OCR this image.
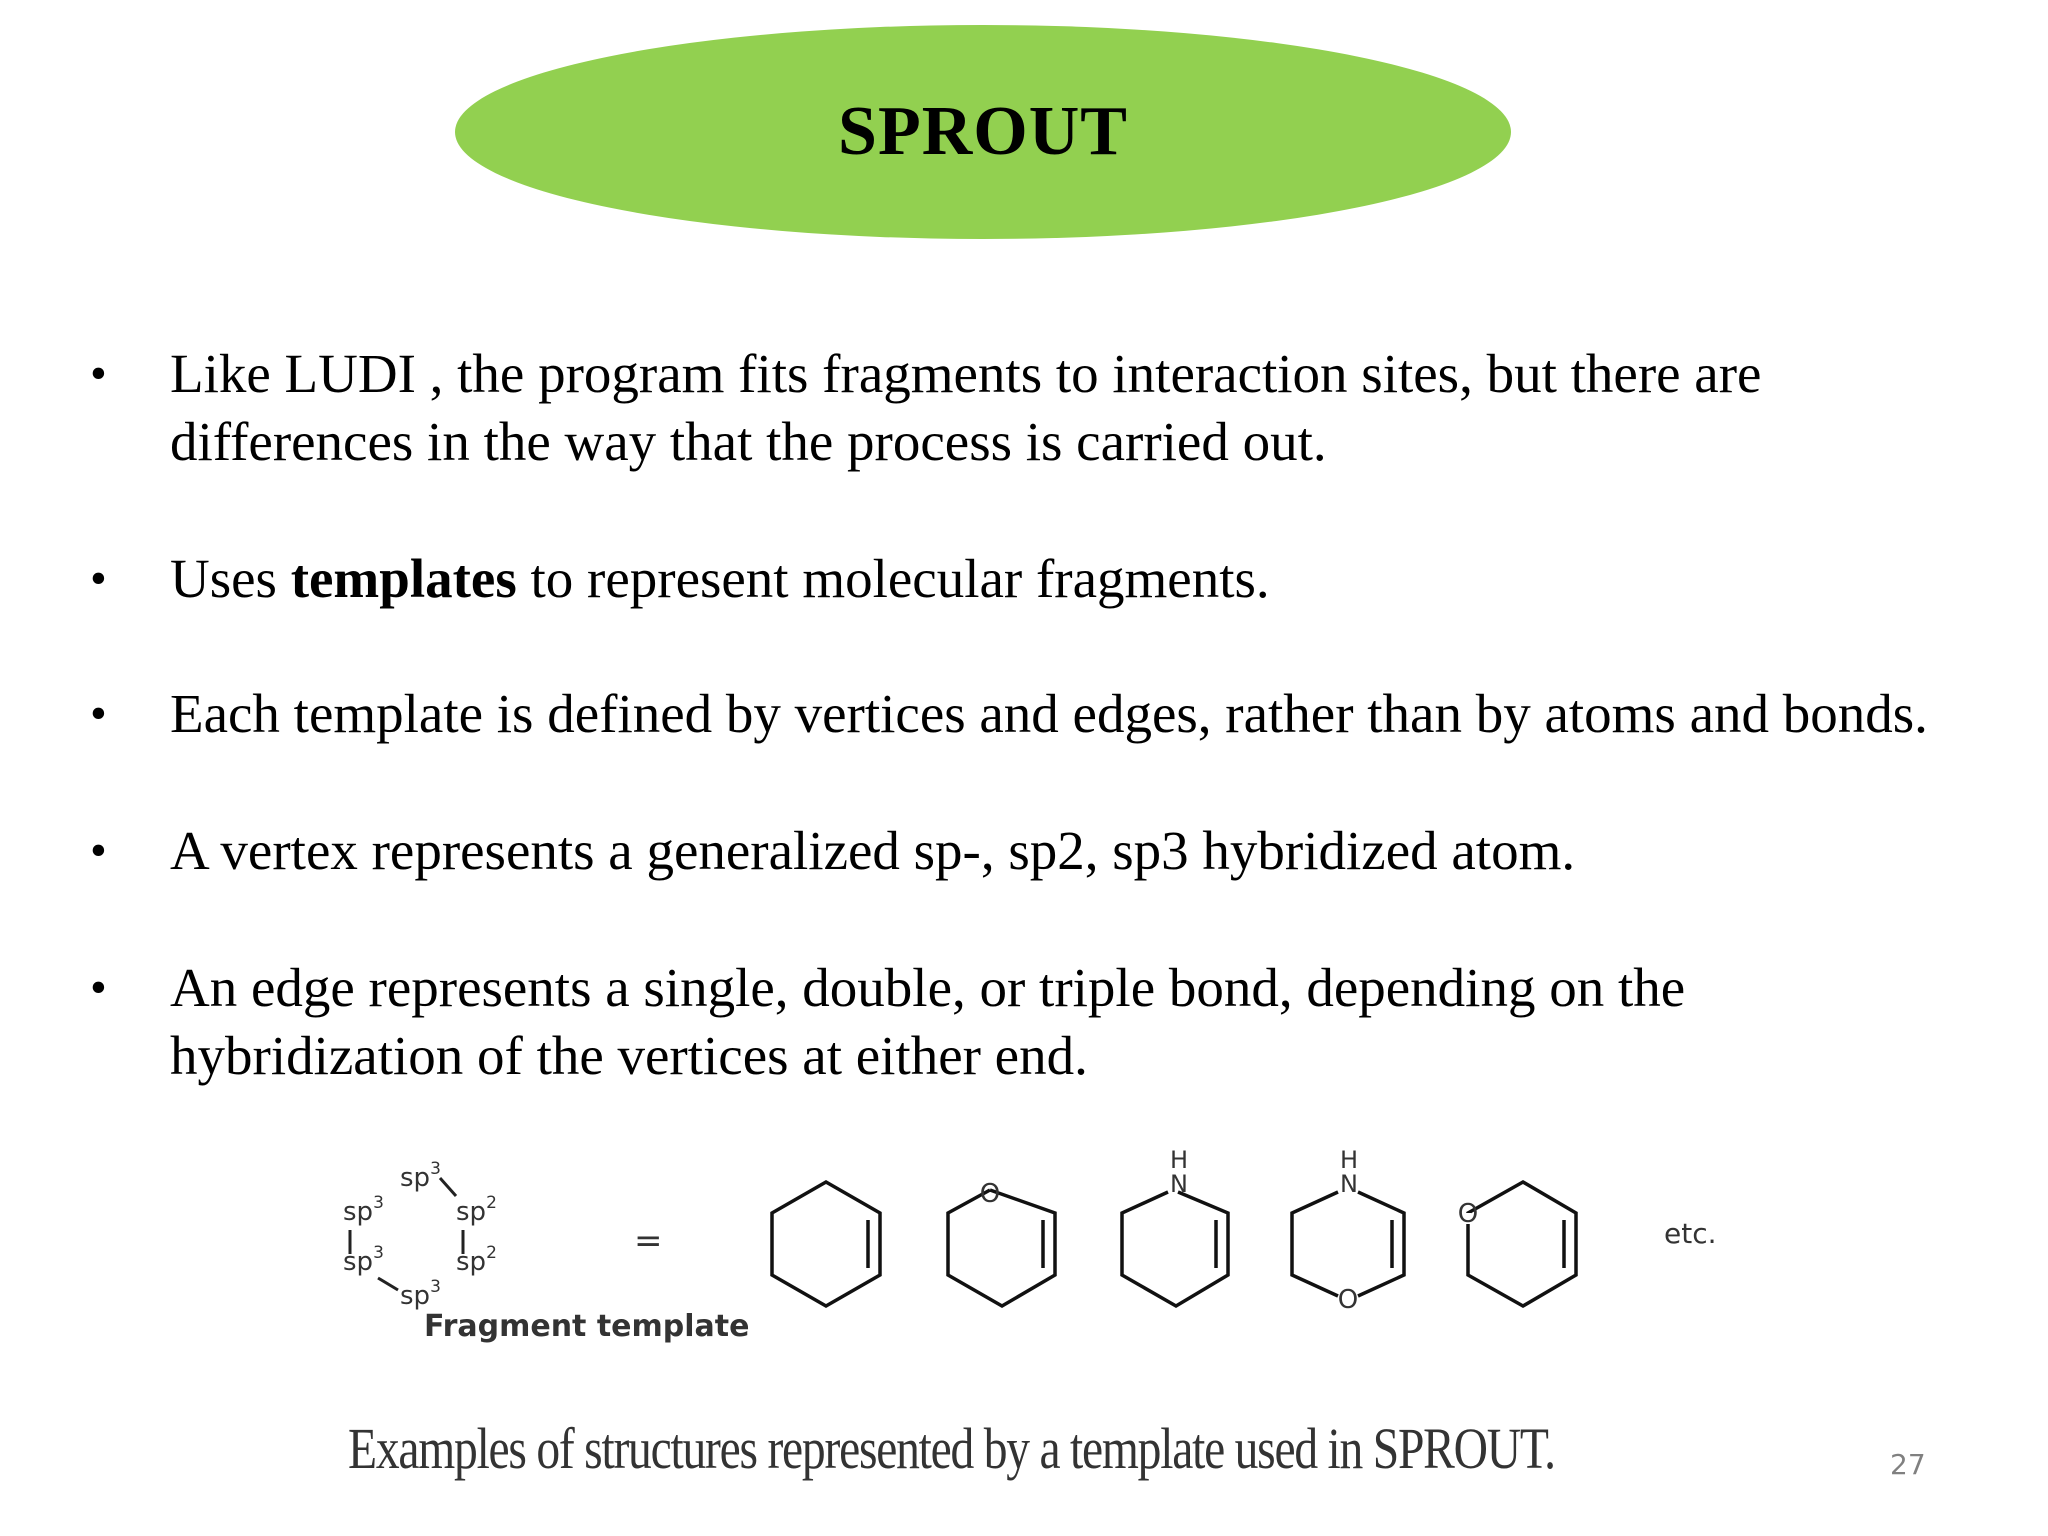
SPROUT
• Like LUDI , the program fits fragments to interaction sites, but there are
differences in the way that the process is carried out.
• Uses templates to represent molecular fragments.
• Each template is defined by vertices and edges, rather than by atoms and bonds.
• A vertex represents a generalized sp-, sp2, sp3 hybridized atom.
• An edge represents a single, double, or triple bond, depending on the
hybridization of the vertices at either end.
$sp^3$
$sp^3$	$sp^2$
$sp^3$	$sp^2$
$sp^3$
Fragment template
=
O
H
N
H
N
O
O
etc.
Examples of structures represented by a template used in SPROUT.	27
